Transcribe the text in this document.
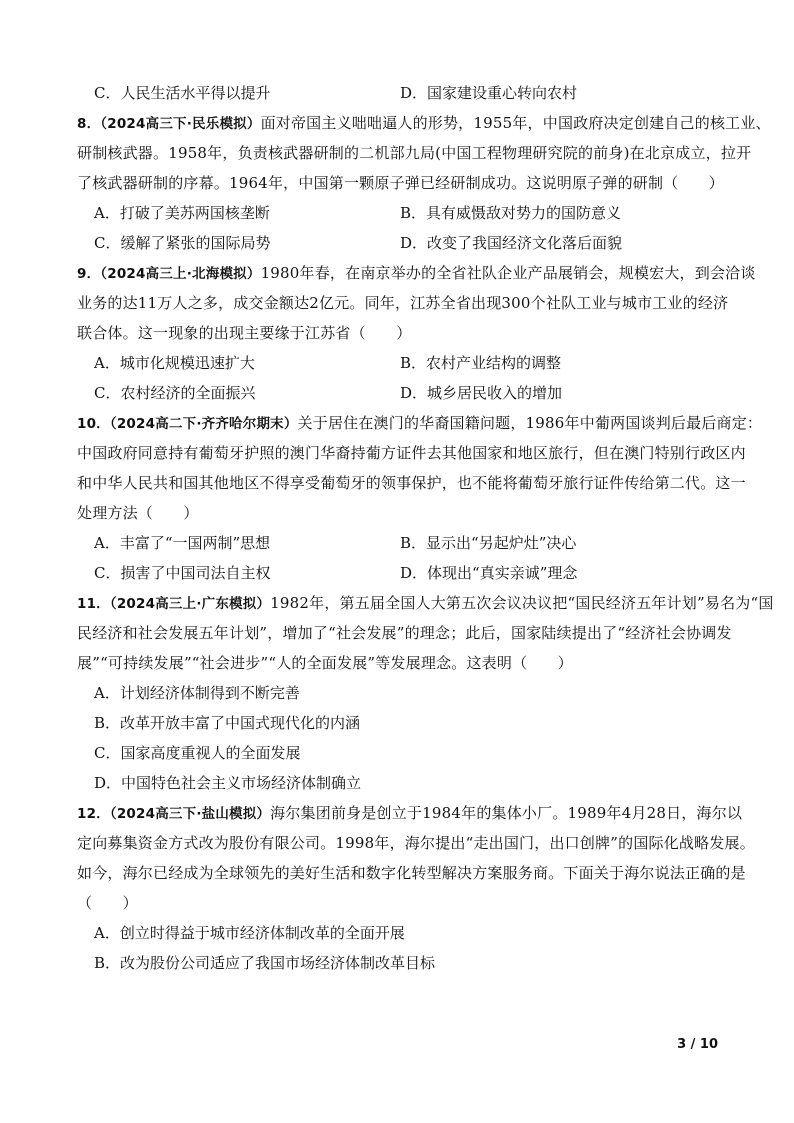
C．人民生活水平得以提升	D．国家建设重心转向农村
8．（2024高三下·民乐模拟）面对帝国主义咄咄逼人的形势，1955年，中国政府决定创建自己的核工业、
研制核武器。1958年，负责核武器研制的二机部九局(中国工程物理研究院的前身)在北京成立，拉开
了核武器研制的序幕。1964年，中国第一颗原子弹已经研制成功。这说明原子弹的研制（　　）
A．打破了美苏两国核垄断	B．具有威慑敌对势力的国防意义
C．缓解了紧张的国际局势	D．改变了我国经济文化落后面貌
9．（2024高三上·北海模拟）1980年春，在南京举办的全省社队企业产品展销会，规模宏大，到会洽谈
业务的达11万人之多，成交金额达2亿元。同年，江苏全省出现300个社队工业与城市工业的经济
联合体。这一现象的出现主要缘于江苏省（　　）
A．城市化规模迅速扩大	B．农村产业结构的调整
C．农村经济的全面振兴	D．城乡居民收入的增加
10．（2024高二下·齐齐哈尔期末）关于居住在澳门的华裔国籍问题，1986年中葡两国谈判后最后商定：
中国政府同意持有葡萄牙护照的澳门华裔持葡方证件去其他国家和地区旅行，但在澳门特别行政区内
和中华人民共和国其他地区不得享受葡萄牙的领事保护，也不能将葡萄牙旅行证件传给第二代。这一
处理方法（　　）
A．丰富了“一国两制”思想	B．显示出“另起炉灶”决心
C．损害了中国司法自主权	D．体现出“真实亲诚”理念
11．（2024高三上·广东模拟）1982年，第五届全国人大第五次会议决议把“国民经济五年计划”易名为“国
民经济和社会发展五年计划”，增加了“社会发展”的理念；此后，国家陆续提出了“经济社会协调发
展”“可持续发展”“社会进步”“人的全面发展”等发展理念。这表明（　　）
A．计划经济体制得到不断完善
B．改革开放丰富了中国式现代化的内涵
C．国家高度重视人的全面发展
D．中国特色社会主义市场经济体制确立
12．（2024高三下·盐山模拟）海尔集团前身是创立于1984年的集体小厂。1989年4月28日，海尔以
定向募集资金方式改为股份有限公司。1998年，海尔提出“走出国门，出口创牌”的国际化战略发展。
如今，海尔已经成为全球领先的美好生活和数字化转型解决方案服务商。下面关于海尔说法正确的是
（　　）
A．创立时得益于城市经济体制改革的全面开展
B．改为股份公司适应了我国市场经济体制改革目标
3 / 10
